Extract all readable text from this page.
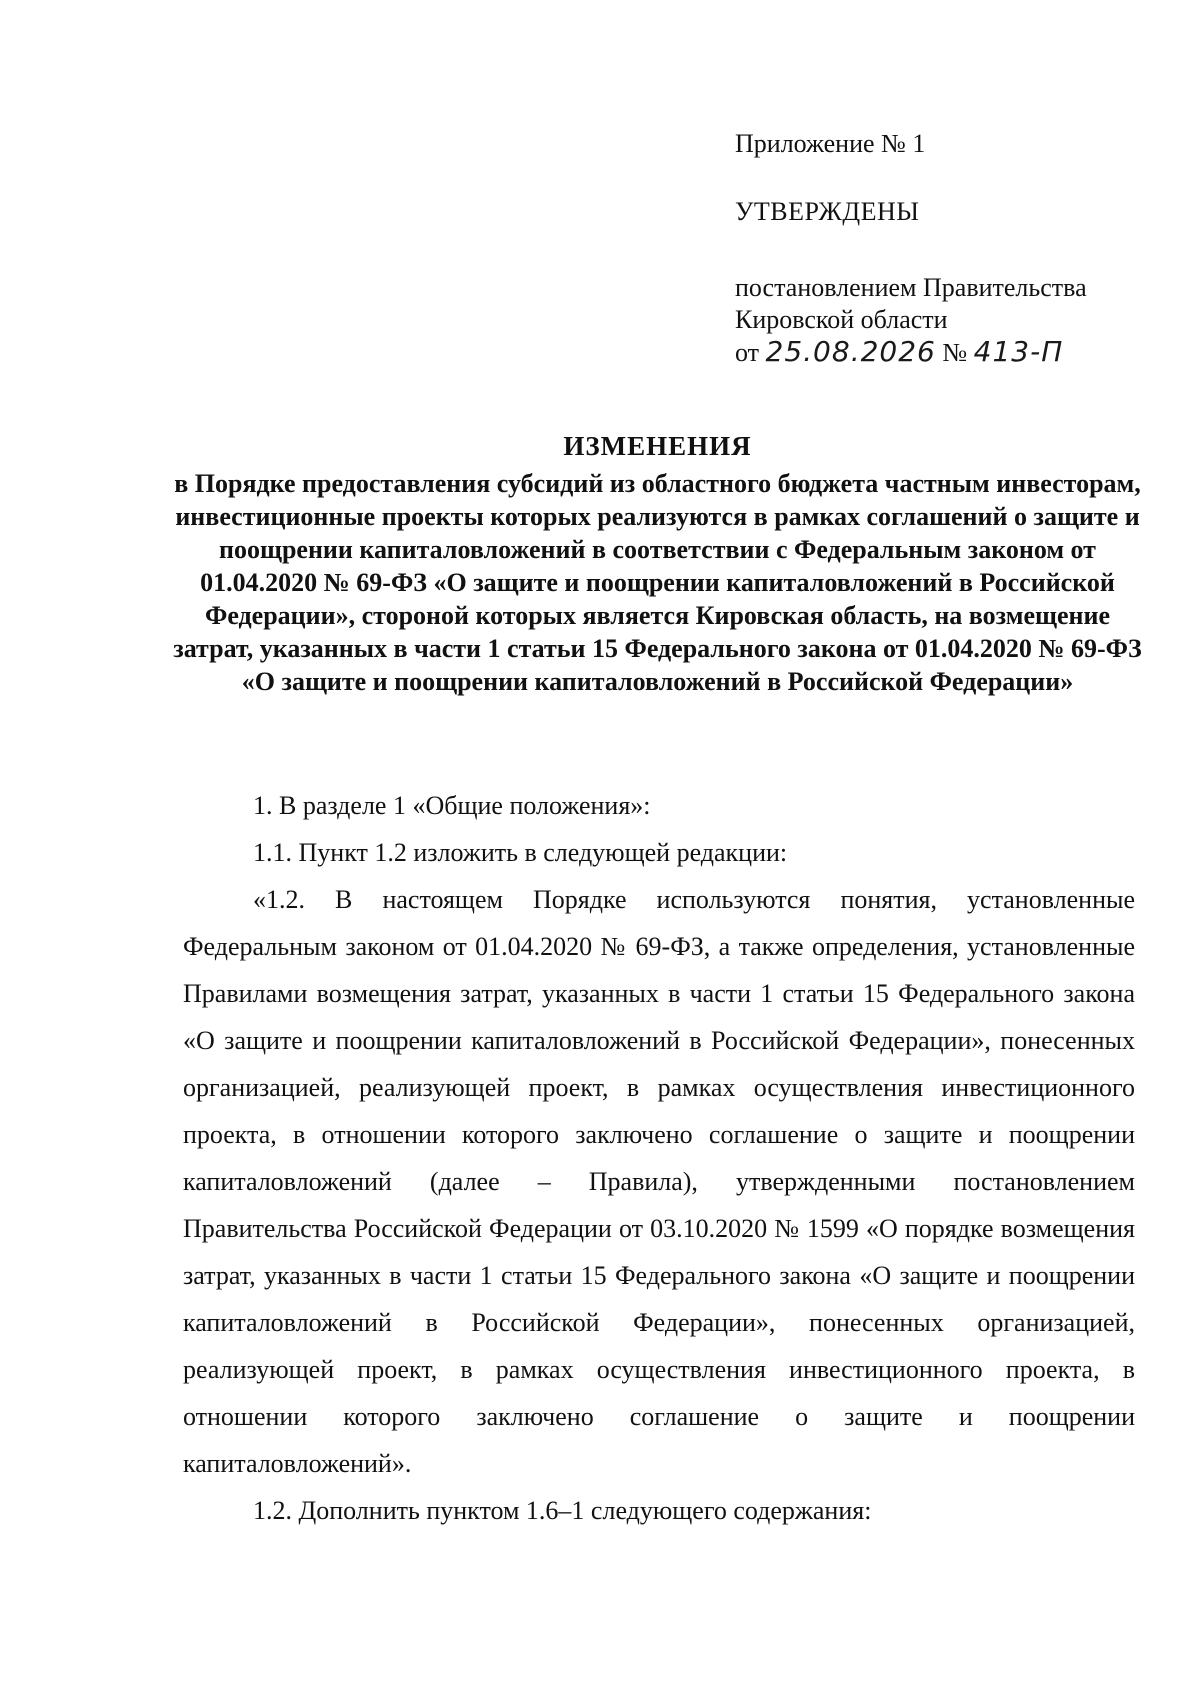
Приложение № 1

УТВЕРЖДЕНЫ

постановлением Правительства
Кировской области
от 25.08.2026 № 413-П

ИЗМЕНЕНИЯ

в Порядке предоставления субсидий из областного бюджета частным инвесторам, инвестиционные проекты которых реализуются в рамках соглашений о защите и поощрении капиталовложений в соответствии с Федеральным законом от 01.04.2020 № 69-ФЗ «О защите и поощрении капиталовложений в Российской Федерации», стороной которых является Кировская область, на возмещение затрат, указанных в части 1 статьи 15 Федерального закона от 01.04.2020 № 69-ФЗ «О защите и поощрении капиталовложений в Российской Федерации»

1. В разделе 1 «Общие положения»:

1.1. Пункт 1.2 изложить в следующей редакции:

«1.2. В настоящем Порядке используются понятия, установленные Федеральным законом от 01.04.2020 № 69-ФЗ, а также определения, установленные Правилами возмещения затрат, указанных в части 1 статьи 15 Федерального закона «О защите и поощрении капиталовложений в Российской Федерации», понесенных организацией, реализующей проект, в рамках осуществления инвестиционного проекта, в отношении которого заключено соглашение о защите и поощрении капиталовложений (далее – Правила), утвержденными постановлением Правительства Российской Федерации от 03.10.2020 № 1599 «О порядке возмещения затрат, указанных в части 1 статьи 15 Федерального закона «О защите и поощрении капиталовложений в Российской Федерации», понесенных организацией, реализующей проект, в рамках осуществления инвестиционного проекта, в отношении которого заключено соглашение о защите и поощрении капиталовложений».

1.2. Дополнить пунктом 1.6–1 следующего содержания:
